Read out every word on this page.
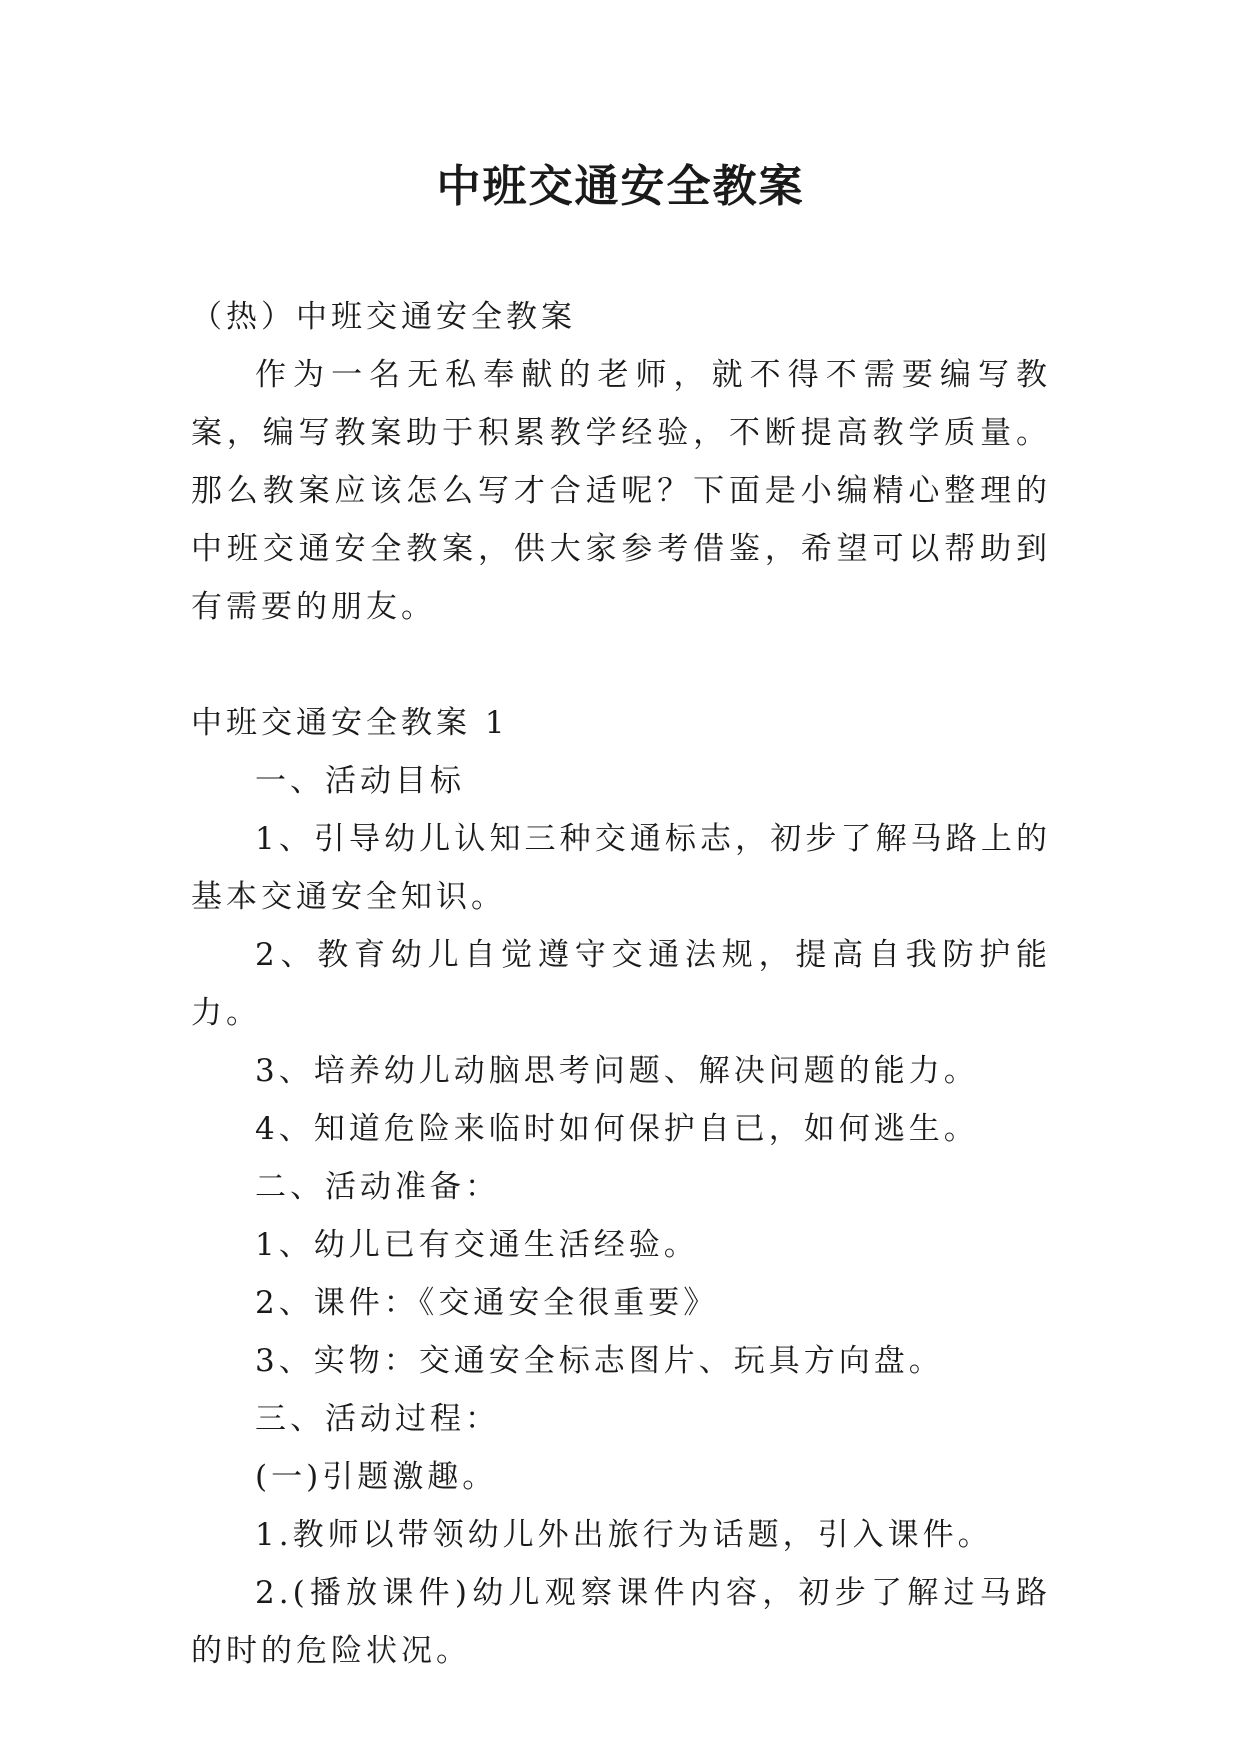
中班交通安全教案

（热）中班交通安全教案

作为一名无私奉献的老师，就不得不需要编写教案，编写教案助于积累教学经验，不断提高教学质量。那么教案应该怎么写才合适呢？下面是小编精心整理的中班交通安全教案，供大家参考借鉴，希望可以帮助到有需要的朋友。

中班交通安全教案 1

一、活动目标

1、引导幼儿认知三种交通标志，初步了解马路上的基本交通安全知识。

2、教育幼儿自觉遵守交通法规，提高自我防护能力。

3、培养幼儿动脑思考问题、解决问题的能力。

4、知道危险来临时如何保护自已，如何逃生。

二、活动准备：

1、幼儿已有交通生活经验。

2、课件：《交通安全很重要》

3、实物：交通安全标志图片、玩具方向盘。

三、活动过程：

(一)引题激趣。

1.教师以带领幼儿外出旅行为话题，引入课件。

2.(播放课件)幼儿观察课件内容，初步了解过马路的时的危险状况。
